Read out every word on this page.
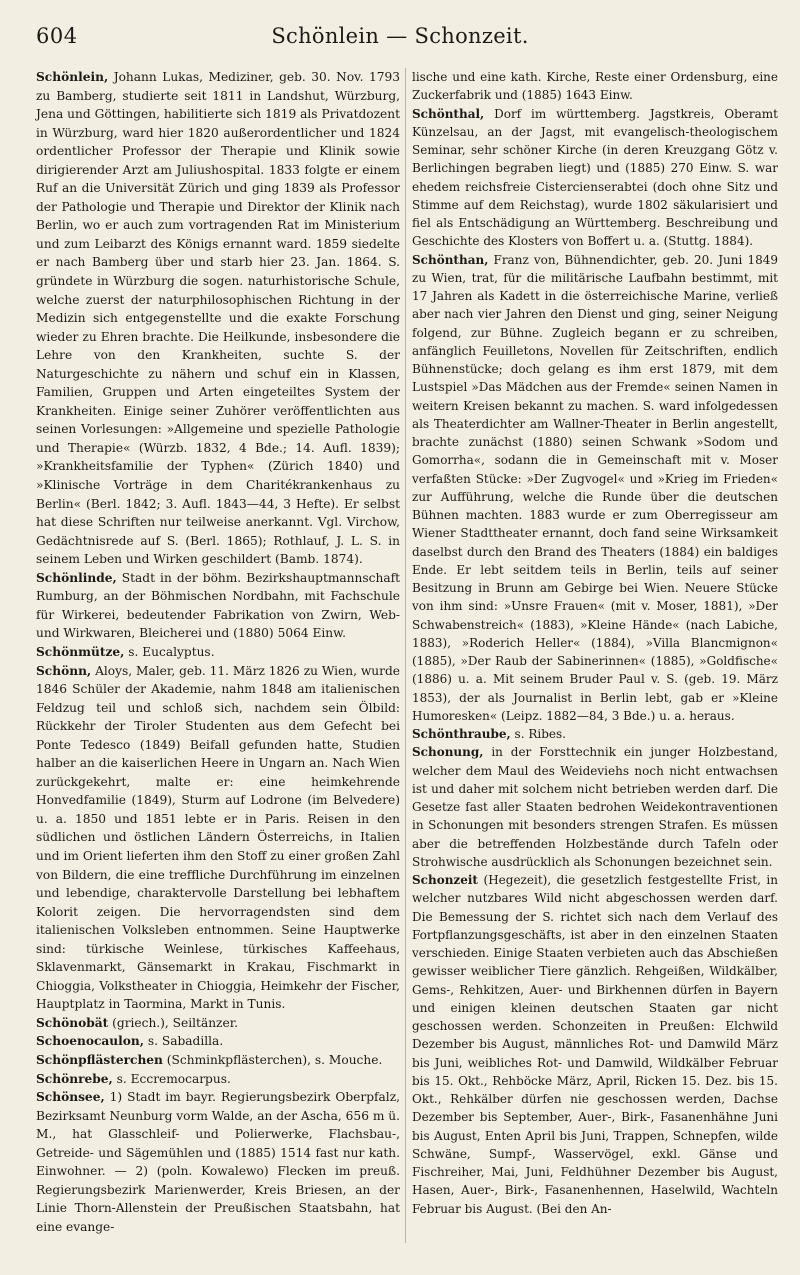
604	Schönlein — Schonzeit.

Schönlein, Johann Lukas, Mediziner, geb. 30. Nov. 1793 zu Bamberg, studierte seit 1811 in Landshut, Würzburg, Jena und Göttingen, habilitierte sich 1819 als Privatdozent in Würzburg, ward hier 1820 außerordentlicher und 1824 ordentlicher Professor der Therapie und Klinik sowie dirigierender Arzt am Juliushospital. 1833 folgte er einem Ruf an die Universität Zürich und ging 1839 als Professor der Pathologie und Therapie und Direktor der Klinik nach Berlin, wo er auch zum vortragenden Rat im Ministerium und zum Leibarzt des Königs ernannt ward. 1859 siedelte er nach Bamberg über und starb hier 23. Jan. 1864. S. gründete in Würzburg die sogen. naturhistorische Schule, welche zuerst der naturphilosophischen Richtung in der Medizin sich entgegenstellte und die exakte Forschung wieder zu Ehren brachte. Die Heilkunde, insbesondere die Lehre von den Krankheiten, suchte S. der Naturgeschichte zu nähern und schuf ein in Klassen, Familien, Gruppen und Arten eingeteiltes System der Krankheiten. Einige seiner Zuhörer veröffentlichten aus seinen Vorlesungen: »Allgemeine und spezielle Pathologie und Therapie« (Würzb. 1832, 4 Bde.; 14. Aufl. 1839); »Krankheitsfamilie der Typhen« (Zürich 1840) und »Klinische Vorträge in dem Charitékrankenhaus zu Berlin« (Berl. 1842; 3. Aufl. 1843—44, 3 Hefte). Er selbst hat diese Schriften nur teilweise anerkannt. Vgl. Virchow, Gedächtnisrede auf S. (Berl. 1865); Rothlauf, J. L. S. in seinem Leben und Wirken geschildert (Bamb. 1874).

Schönlinde, Stadt in der böhm. Bezirkshauptmannschaft Rumburg, an der Böhmischen Nordbahn, mit Fachschule für Wirkerei, bedeutender Fabrikation von Zwirn, Web- und Wirkwaren, Bleicherei und (1880) 5064 Einw.

Schönmütze, s. Eucalyptus.

Schönn, Aloys, Maler, geb. 11. März 1826 zu Wien, wurde 1846 Schüler der Akademie, nahm 1848 am italienischen Feldzug teil und schloß sich, nachdem sein Ölbild: Rückkehr der Tiroler Studenten aus dem Gefecht bei Ponte Tedesco (1849) Beifall gefunden hatte, Studien halber an die kaiserlichen Heere in Ungarn an. Nach Wien zurückgekehrt, malte er: eine heimkehrende Honvedfamilie (1849), Sturm auf Lodrone (im Belvedere) u. a. 1850 und 1851 lebte er in Paris. Reisen in den südlichen und östlichen Ländern Österreichs, in Italien und im Orient lieferten ihm den Stoff zu einer großen Zahl von Bildern, die eine treffliche Durchführung im einzelnen und lebendige, charaktervolle Darstellung bei lebhaftem Kolorit zeigen. Die hervorragendsten sind dem italienischen Volksleben entnommen. Seine Hauptwerke sind: türkische Weinlese, türkisches Kaffeehaus, Sklavenmarkt, Gänsemarkt in Krakau, Fischmarkt in Chioggia, Volkstheater in Chioggia, Heimkehr der Fischer, Hauptplatz in Taormina, Markt in Tunis.

Schönobät (griech.), Seiltänzer.

Schoenocaulon, s. Sabadilla.

Schönpflästerchen (Schminkpflästerchen), s. Mouche.

Schönrebe, s. Eccremocarpus.

Schönsee, 1) Stadt im bayr. Regierungsbezirk Oberpfalz, Bezirksamt Neunburg vorm Walde, an der Ascha, 656 m ü. M., hat Glasschleif- und Polierwerke, Flachsbau-, Getreide- und Sägemühlen und (1885) 1514 fast nur kath. Einwohner. — 2) (poln. Kowalewo) Flecken im preuß. Regierungsbezirk Marienwerder, Kreis Briesen, an der Linie Thorn-Allenstein der Preußischen Staatsbahn, hat eine evange-

lische und eine kath. Kirche, Reste einer Ordensburg, eine Zuckerfabrik und (1885) 1643 Einw.

Schönthal, Dorf im württemberg. Jagstkreis, Oberamt Künzelsau, an der Jagst, mit evangelisch-theologischem Seminar, sehr schöner Kirche (in deren Kreuzgang Götz v. Berlichingen begraben liegt) und (1885) 270 Einw. S. war ehedem reichsfreie Cistercienserabtei (doch ohne Sitz und Stimme auf dem Reichstag), wurde 1802 säkularisiert und fiel als Entschädigung an Württemberg. Beschreibung und Geschichte des Klosters von Boffert u. a. (Stuttg. 1884).

Schönthan, Franz von, Bühnendichter, geb. 20. Juni 1849 zu Wien, trat, für die militärische Laufbahn bestimmt, mit 17 Jahren als Kadett in die österreichische Marine, verließ aber nach vier Jahren den Dienst und ging, seiner Neigung folgend, zur Bühne. Zugleich begann er zu schreiben, anfänglich Feuilletons, Novellen für Zeitschriften, endlich Bühnenstücke; doch gelang es ihm erst 1879, mit dem Lustspiel »Das Mädchen aus der Fremde« seinen Namen in weitern Kreisen bekannt zu machen. S. ward infolgedessen als Theaterdichter am Wallner-Theater in Berlin angestellt, brachte zunächst (1880) seinen Schwank »Sodom und Gomorrha«, sodann die in Gemeinschaft mit v. Moser verfaßten Stücke: »Der Zugvogel« und »Krieg im Frieden« zur Aufführung, welche die Runde über die deutschen Bühnen machten. 1883 wurde er zum Oberregisseur am Wiener Stadttheater ernannt, doch fand seine Wirksamkeit daselbst durch den Brand des Theaters (1884) ein baldiges Ende. Er lebt seitdem teils in Berlin, teils auf seiner Besitzung in Brunn am Gebirge bei Wien. Neuere Stücke von ihm sind: »Unsre Frauen« (mit v. Moser, 1881), »Der Schwabenstreich« (1883), »Kleine Hände« (nach Labiche, 1883), »Roderich Heller« (1884), »Villa Blancmignon« (1885), »Der Raub der Sabinerinnen« (1885), »Goldfische« (1886) u. a. Mit seinem Bruder Paul v. S. (geb. 19. März 1853), der als Journalist in Berlin lebt, gab er »Kleine Humoresken« (Leipz. 1882—84, 3 Bde.) u. a. heraus.

Schönthraube, s. Ribes.

Schonung, in der Forsttechnik ein junger Holzbestand, welcher dem Maul des Weideviehs noch nicht entwachsen ist und daher mit solchem nicht betrieben werden darf. Die Gesetze fast aller Staaten bedrohen Weidekontraventionen in Schonungen mit besonders strengen Strafen. Es müssen aber die betreffenden Holzbestände durch Tafeln oder Strohwische ausdrücklich als Schonungen bezeichnet sein.

Schonzeit (Hegezeit), die gesetzlich festgestellte Frist, in welcher nutzbares Wild nicht abgeschossen werden darf. Die Bemessung der S. richtet sich nach dem Verlauf des Fortpflanzungsgeschäfts, ist aber in den einzelnen Staaten verschieden. Einige Staaten verbieten auch das Abschießen gewisser weiblicher Tiere gänzlich. Rehgeißen, Wildkälber, Gems-, Rehkitzen, Auer- und Birkhennen dürfen in Bayern und einigen kleinen deutschen Staaten gar nicht geschossen werden. Schonzeiten in Preußen: Elchwild Dezember bis August, männliches Rot- und Damwild März bis Juni, weibliches Rot- und Damwild, Wildkälber Februar bis 15. Okt., Rehböcke März, April, Ricken 15. Dez. bis 15. Okt., Rehkälber dürfen nie geschossen werden, Dachse Dezember bis September, Auer-, Birk-, Fasanenhähne Juni bis August, Enten April bis Juni, Trappen, Schnepfen, wilde Schwäne, Sumpf-, Wasservögel, exkl. Gänse und Fischreiher, Mai, Juni, Feldhühner Dezember bis August, Hasen, Auer-, Birk-, Fasanenhennen, Haselwild, Wachteln Februar bis August. (Bei den An-
